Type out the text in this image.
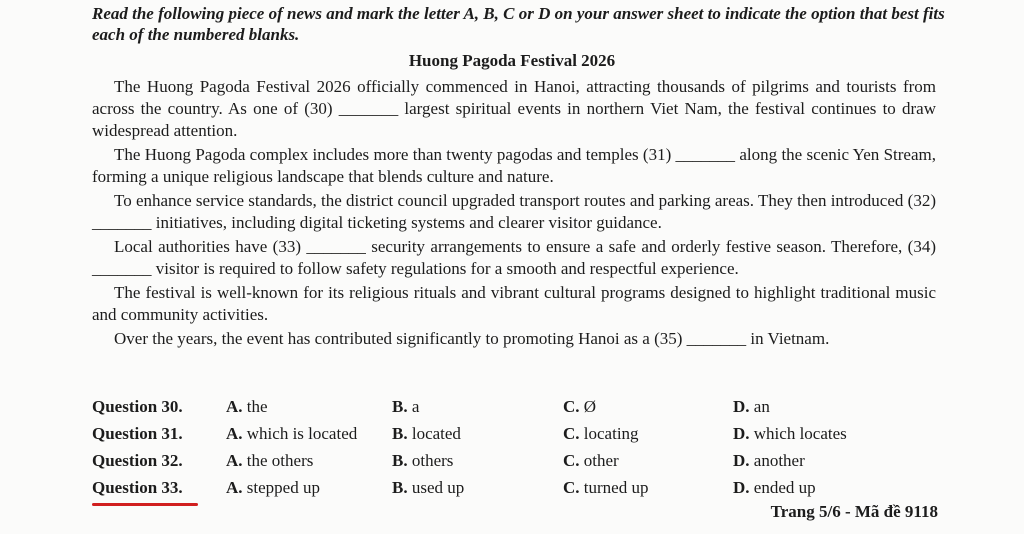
Read the following piece of news and mark the letter A, B, C or D on your answer sheet to indicate the option that best fits each of the numbered blanks.

Huong Pagoda Festival 2026

The Huong Pagoda Festival 2026 officially commenced in Hanoi, attracting thousands of pilgrims and tourists from across the country. As one of (30) _______ largest spiritual events in northern Viet Nam, the festival continues to draw widespread attention.

The Huong Pagoda complex includes more than twenty pagodas and temples (31) _______ along the scenic Yen Stream, forming a unique religious landscape that blends culture and nature.

To enhance service standards, the district council upgraded transport routes and parking areas. They then introduced (32) _______ initiatives, including digital ticketing systems and clearer visitor guidance.

Local authorities have (33) _______ security arrangements to ensure a safe and orderly festive season. Therefore, (34) _______ visitor is required to follow safety regulations for a smooth and respectful experience.

The festival is well-known for its religious rituals and vibrant cultural programs designed to highlight traditional music and community activities.

Over the years, the event has contributed significantly to promoting Hanoi as a (35) _______ in Vietnam.

Question 30.	A. the	B. a	C. Ø	D. an
Question 31.	A. which is located	B. located	C. locating	D. which locates
Question 32.	A. the others	B. others	C. other	D. another
Question 33.	A. stepped up	B. used up	C. turned up	D. ended up

Trang 5/6 - Mã đề 9118
